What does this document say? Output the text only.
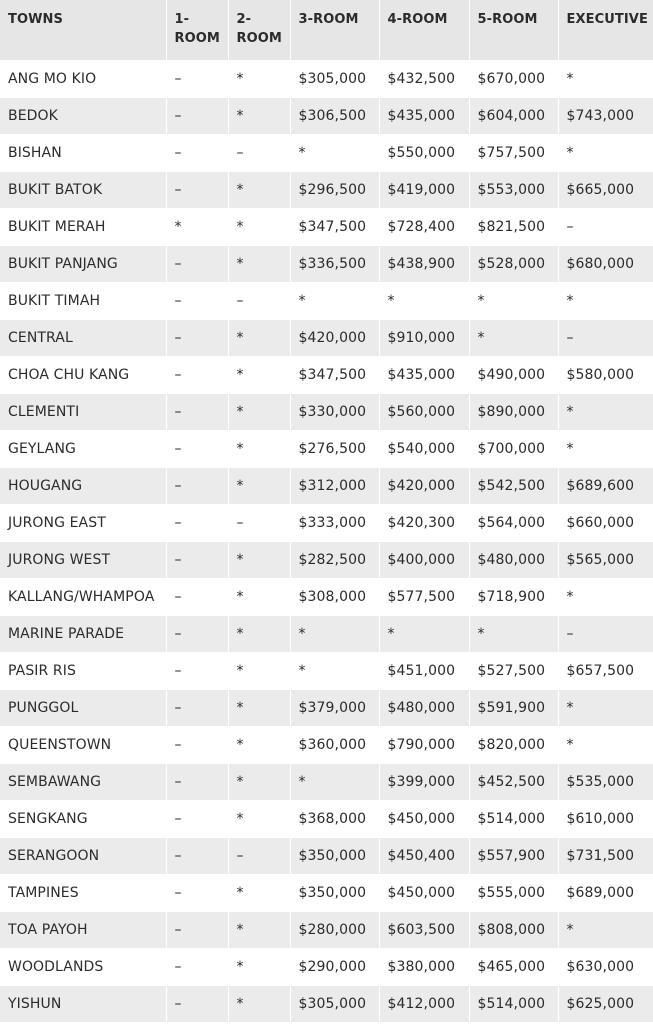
TOWNS	1-ROOM	2-ROOM	3-ROOM	4-ROOM	5-ROOM	EXECUTIVE
ANG MO KIO	–	*	$305,000	$432,500	$670,000	*
BEDOK	–	*	$306,500	$435,000	$604,000	$743,000
BISHAN	–	–	*	$550,000	$757,500	*
BUKIT BATOK	–	*	$296,500	$419,000	$553,000	$665,000
BUKIT MERAH	*	*	$347,500	$728,400	$821,500	–
BUKIT PANJANG	–	*	$336,500	$438,900	$528,000	$680,000
BUKIT TIMAH	–	–	*	*	*	*
CENTRAL	–	*	$420,000	$910,000	*	–
CHOA CHU KANG	–	*	$347,500	$435,000	$490,000	$580,000
CLEMENTI	–	*	$330,000	$560,000	$890,000	*
GEYLANG	–	*	$276,500	$540,000	$700,000	*
HOUGANG	–	*	$312,000	$420,000	$542,500	$689,600
JURONG EAST	–	–	$333,000	$420,300	$564,000	$660,000
JURONG WEST	–	*	$282,500	$400,000	$480,000	$565,000
KALLANG/WHAMPOA	–	*	$308,000	$577,500	$718,900	*
MARINE PARADE	–	*	*	*	*	–
PASIR RIS	–	*	*	$451,000	$527,500	$657,500
PUNGGOL	–	*	$379,000	$480,000	$591,900	*
QUEENSTOWN	–	*	$360,000	$790,000	$820,000	*
SEMBAWANG	–	*	*	$399,000	$452,500	$535,000
SENGKANG	–	*	$368,000	$450,000	$514,000	$610,000
SERANGOON	–	–	$350,000	$450,400	$557,900	$731,500
TAMPINES	–	*	$350,000	$450,000	$555,000	$689,000
TOA PAYOH	–	*	$280,000	$603,500	$808,000	*
WOODLANDS	–	*	$290,000	$380,000	$465,000	$630,000
YISHUN	–	*	$305,000	$412,000	$514,000	$625,000
